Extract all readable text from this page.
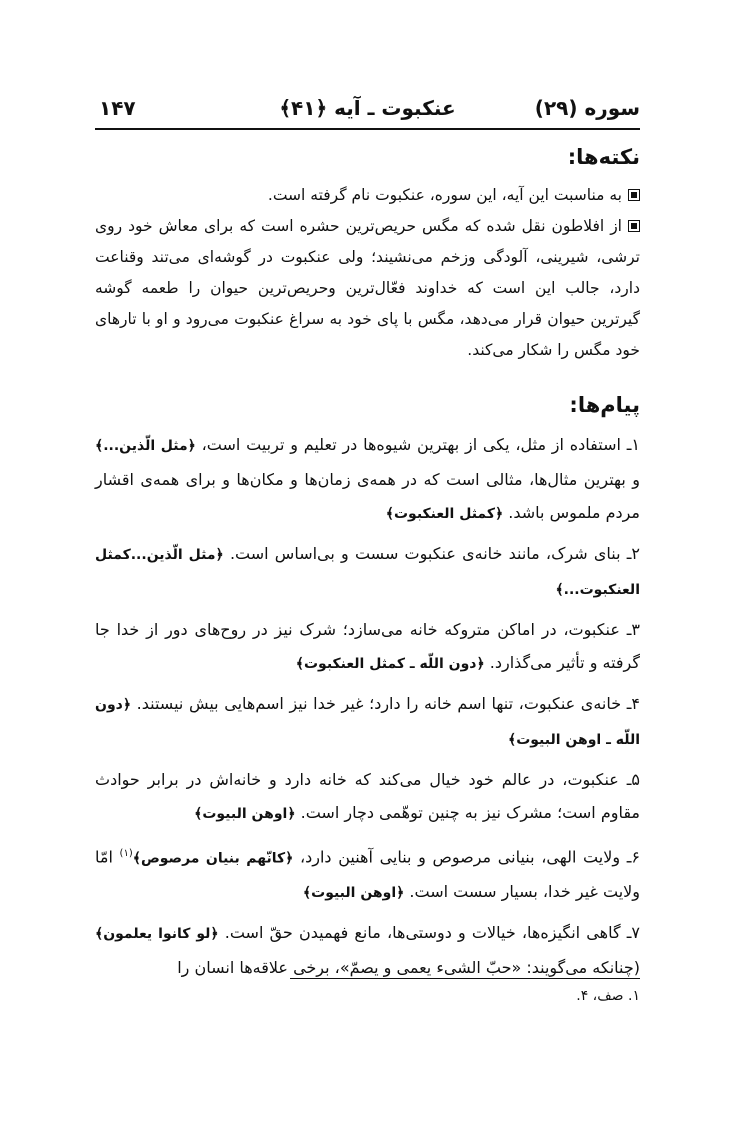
۱۴۷	عنکبوت ـ آیه ﴿۴۱﴾	سوره (۲۹)
نکته‌ها:

به مناسبت این آیه، این سوره، عنکبوت نام گرفته است.

از افلاطون نقل شده که مگس حریص‌ترین حشره است که برای معاش خود روی ترشی، شیرینی، آلودگی وزخم می‌نشیند؛ ولی عنکبوت در گوشه‌ای می‌تند وقناعت دارد، جالب این است که خداوند فعّال‌ترین وحریص‌ترین حیوان را طعمه گوشه گیرترین حیوان قرار می‌دهد، مگس با پای خود به سراغ عنکبوت می‌رود و او با تارهای خود مگس را شکار می‌کند.

پیام‌ها:

۱ـ استفاده از مثل، یکی از بهترین شیوه‌ها در تعلیم و تربیت است، ﴿مثل الّذین...﴾ و بهترین مثال‌ها، مثالی است که در همه‌ی زمان‌ها و مکان‌ها و برای همه‌ی اقشار مردم ملموس باشد. ﴿کمثل العنکبوت﴾

۲ـ بنای شرک، مانند خانه‌ی عنکبوت سست و بی‌اساس است. ﴿مثل الّذین...کمثل العنکبوت...﴾

۳ـ عنکبوت، در اماکن متروکه خانه می‌سازد؛ شرک نیز در روح‌های دور از خدا جا گرفته و تأثیر می‌گذارد. ﴿دون اللّه ـ کمثل العنکبوت﴾

۴ـ خانه‌ی عنکبوت، تنها اسم خانه را دارد؛ غیر خدا نیز اسم‌هایی بیش نیستند. ﴿دون اللّه ـ اوهن البیوت﴾

۵ـ عنکبوت، در عالم خود خیال می‌کند که خانه دارد و خانه‌اش در برابر حوادث مقاوم است؛ مشرک نیز به چنین توهّمی دچار است. ﴿اوهن البیوت﴾

۶ـ ولایت الهی، بنیانی مرصوص و بنایی آهنین دارد، ﴿کانّهم بنیان مرصوص﴾$^{(۱)}$ امّا ولایت غیر خدا، بسیار سست است. ﴿اوهن البیوت﴾

۷ـ گاهی انگیزه‌ها، خیالات و دوستی‌ها، مانع فهمیدن حقّ است. ﴿لو کانوا یعلمون﴾ (چنانکه می‌گویند: «حبّ الشیء یعمی و یصمّ»، برخی علاقه‌ها انسان را

۱. صف، ۴.
